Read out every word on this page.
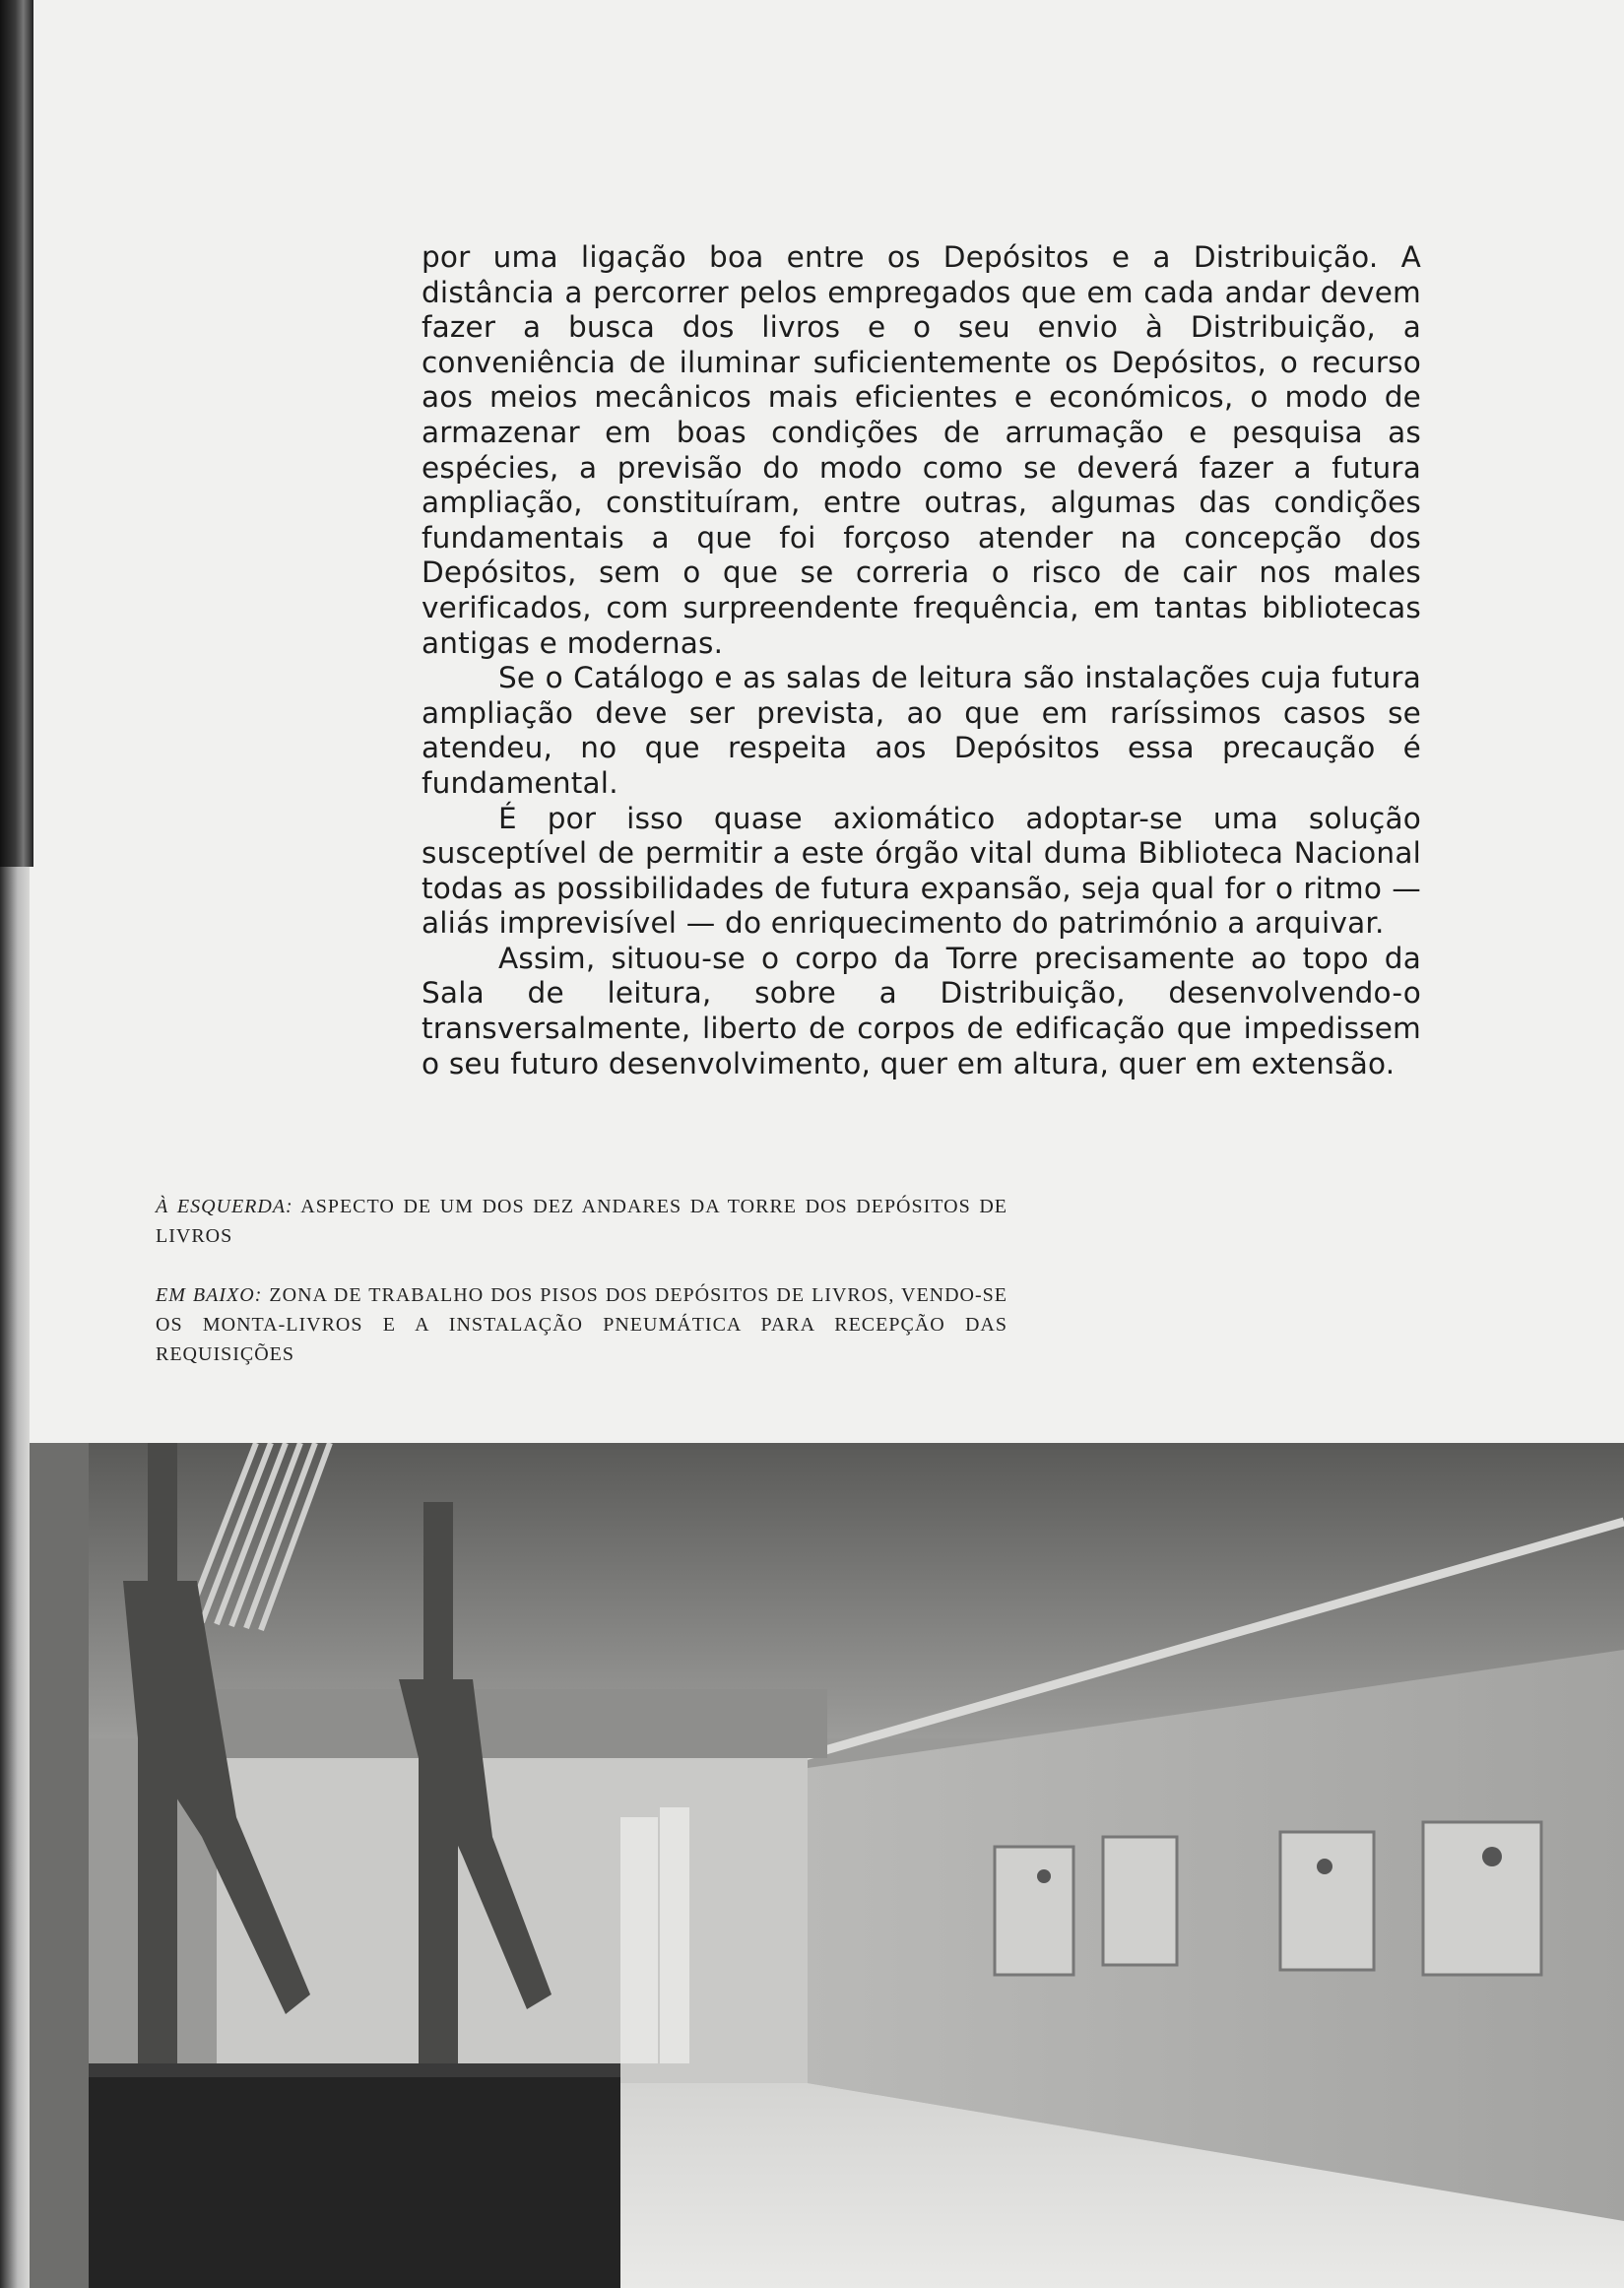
por uma ligação boa entre os Depósitos e a Distribuição. A distância a percorrer pelos empregados que em cada andar devem fazer a busca dos livros e o seu envio à Distribuição, a conveniência de iluminar suficientemente os Depósitos, o recurso aos meios mecânicos mais eficientes e económicos, o modo de armazenar em boas condições de arrumação e pesquisa as espécies, a previsão do modo como se deverá fazer a futura ampliação, constituíram, entre outras, algumas das condições fundamentais a que foi forçoso atender na concepção dos Depósitos, sem o que se correria o risco de cair nos males verificados, com surpreendente frequência, em tantas bibliotecas antigas e modernas.

Se o Catálogo e as salas de leitura são instalações cuja futura ampliação deve ser prevista, ao que em raríssimos casos se atendeu, no que respeita aos Depósitos essa precaução é fundamental.

É por isso quase axiomático adoptar-se uma solução susceptível de permitir a este órgão vital duma Biblioteca Nacional todas as possibilidades de futura expansão, seja qual for o ritmo — aliás imprevisível — do enriquecimento do património a arquivar.

Assim, situou-se o corpo da Torre precisamente ao topo da Sala de leitura, sobre a Distribuição, desenvolvendo-o transversalmente, liberto de corpos de edificação que impedissem o seu futuro desenvolvimento, quer em altura, quer em extensão.

À ESQUERDA: ASPECTO DE UM DOS DEZ ANDARES DA TORRE DOS DEPÓSITOS DE LIVROS
EM BAIXO: ZONA DE TRABALHO DOS PISOS DOS DEPÓSITOS DE LIVROS, VENDO-SE OS MONTA-LIVROS E A INSTALAÇÃO PNEUMÁTICA PARA RECEPÇÃO DAS REQUISIÇÕES
